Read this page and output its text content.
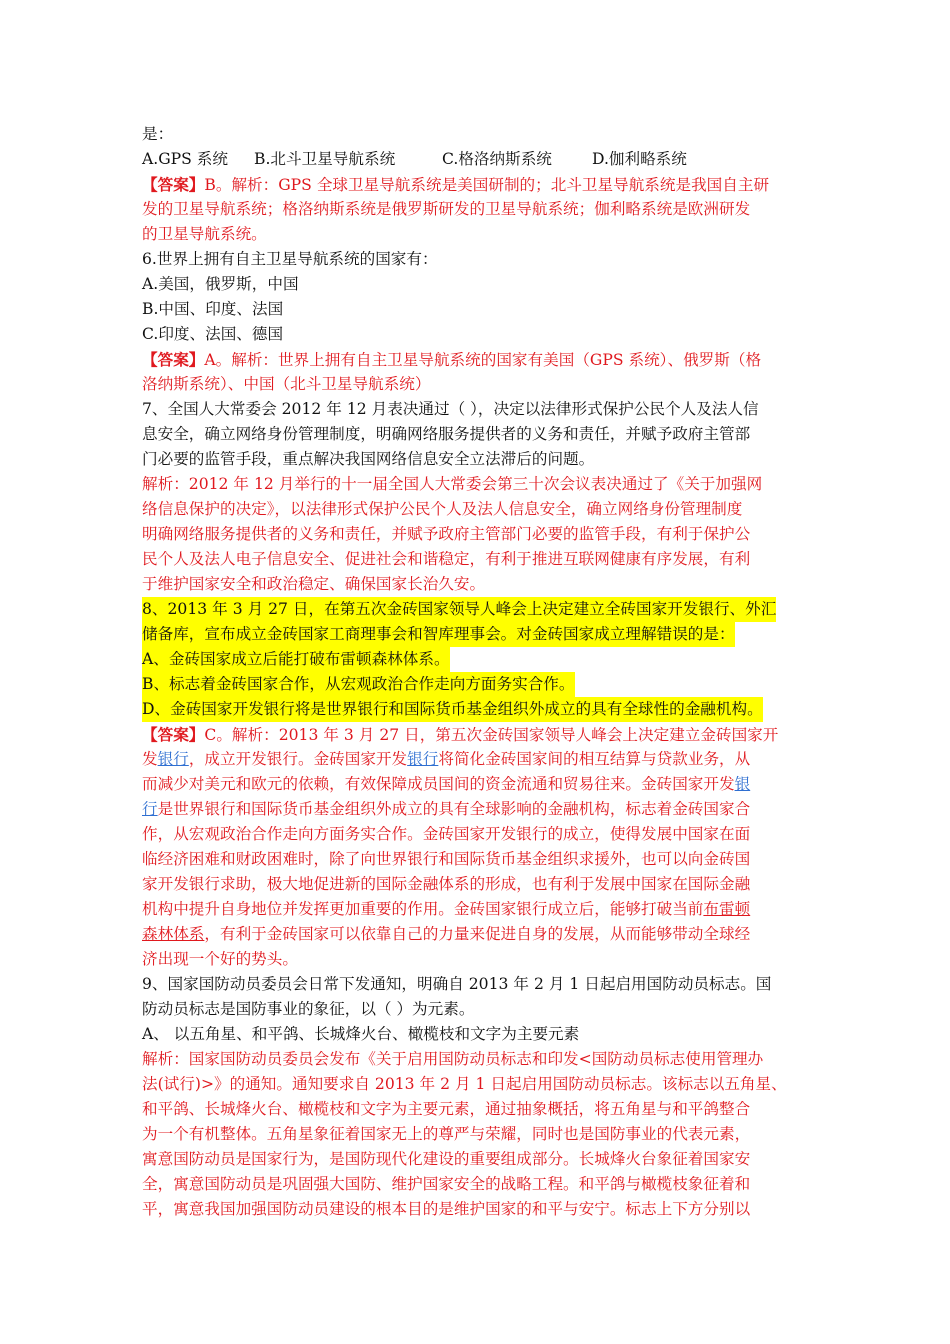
是：
A.GPS 系统 B.北斗卫星导航系统	C.格洛纳斯系统	D.伽利略系统
【答案】B。解析：GPS 全球卫星导航系统是美国研制的；北斗卫星导航系统是我国自主研
发的卫星导航系统；格洛纳斯系统是俄罗斯研发的卫星导航系统；伽利略系统是欧洲研发
的卫星导航系统。
6.世界上拥有自主卫星导航系统的国家有：
A.美国，俄罗斯，中国
B.中国、印度、法国
C.印度、法国、德国
【答案】A。解析：世界上拥有自主卫星导航系统的国家有美国（GPS 系统）、俄罗斯（格
洛纳斯系统）、中国（北斗卫星导航系统）
7、全国人大常委会 2012 年 12 月表决通过（ ），决定以法律形式保护公民个人及法人信
息安全，确立网络身份管理制度，明确网络服务提供者的义务和责任，并赋予政府主管部
门必要的监管手段，重点解决我国网络信息安全立法滞后的问题。
解析：2012 年 12 月举行的十一届全国人大常委会第三十次会议表决通过了《关于加强网
络信息保护的决定》，以法律形式保护公民个人及法人信息安全，确立网络身份管理制度
明确网络服务提供者的义务和责任，并赋予政府主管部门必要的监管手段，有利于保护公
民个人及法人电子信息安全、促进社会和谐稳定，有利于推进互联网健康有序发展，有利
于维护国家安全和政治稳定、确保国家长治久安。
8、2013 年 3 月 27 日，在第五次金砖国家领导人峰会上决定建立全砖国家开发银行、外汇
储备库，宣布成立金砖国家工商理事会和智库理事会。对金砖国家成立理解错误的是：
A、金砖国家成立后能打破布雷顿森林体系。
B、标志着金砖国家合作，从宏观政治合作走向方面务实合作。
D、金砖国家开发银行将是世界银行和国际货币基金组织外成立的具有全球性的金融机构。
【答案】C。解析：2013 年 3 月 27 日，第五次金砖国家领导人峰会上决定建立金砖国家开
发银行，成立开发银行。金砖国家开发银行将简化金砖国家间的相互结算与贷款业务，从
而减少对美元和欧元的依赖，有效保障成员国间的资金流通和贸易往来。金砖国家开发银
行是世界银行和国际货币基金组织外成立的具有全球影响的金融机构，标志着金砖国家合
作，从宏观政治合作走向方面务实合作。金砖国家开发银行的成立，使得发展中国家在面
临经济困难和财政困难时，除了向世界银行和国际货币基金组织求援外，也可以向金砖国
家开发银行求助，极大地促进新的国际金融体系的形成，也有利于发展中国家在国际金融
机构中提升自身地位并发挥更加重要的作用。金砖国家银行成立后，能够打破当前布雷顿
森林体系，有利于金砖国家可以依靠自己的力量来促进自身的发展，从而能够带动全球经
济出现一个好的势头。
9、国家国防动员委员会日常下发通知，明确自 2013 年 2 月 1 日起启用国防动员标志。国
防动员标志是国防事业的象征，以（ ）为元素。
A、 以五角星、和平鸽、长城烽火台、橄榄枝和文字为主要元素
解析：国家国防动员委员会发布《关于启用国防动员标志和印发<国防动员标志使用管理办
法(试行)>》的通知。通知要求自 2013 年 2 月 1 日起启用国防动员标志。该标志以五角星、
和平鸽、长城烽火台、橄榄枝和文字为主要元素，通过抽象概括，将五角星与和平鸽整合
为一个有机整体。五角星象征着国家无上的尊严与荣耀，同时也是国防事业的代表元素，
寓意国防动员是国家行为，是国防现代化建设的重要组成部分。长城烽火台象征着国家安
全，寓意国防动员是巩固强大国防、维护国家安全的战略工程。和平鸽与橄榄枝象征着和
平，寓意我国加强国防动员建设的根本目的是维护国家的和平与安宁。标志上下方分别以
